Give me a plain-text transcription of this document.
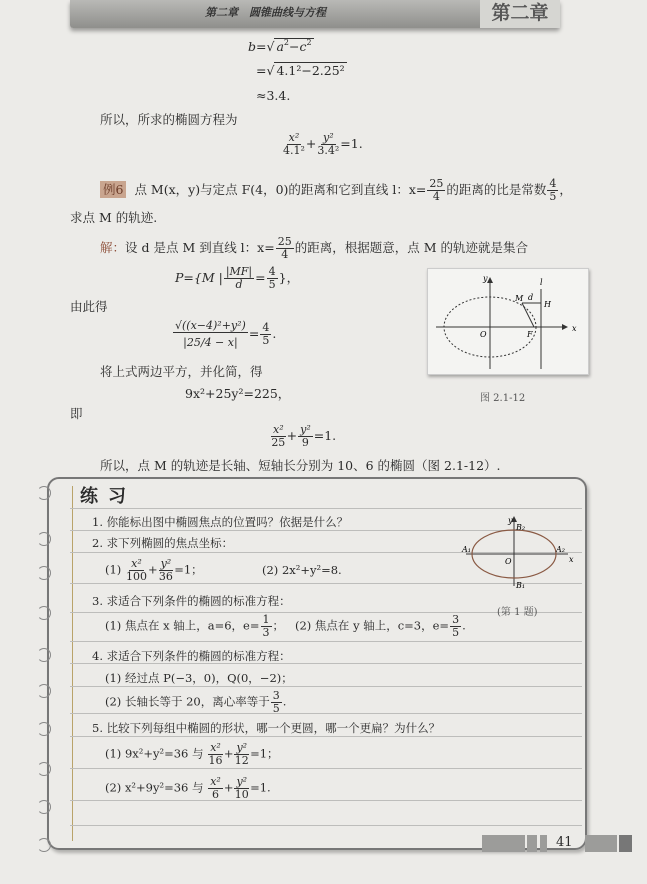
第二章　圆锥曲线与方程	第二章
b=√ $a^2-c^2$
=√ 4.1²−2.25²
≈3.4.
所以，所求的椭圆方程为
$\frac{\text{x²}}{\text{4.1²}} + \frac{\text{y²}}{\text{3.4²}} =1$.
例6 点 M(x，y)与定点 F(4，0)的距离和它到直线 l：$x= \frac{25}{4}$ 的距离的比是常数 $\frac{4}{5}$ ，
求点 M 的轨迹.
解：设 d 是点 M 到直线 l：$x= \frac{25}{4}$ 的距离，根据题意，点 M 的轨迹就是集合
P={M | $\frac{|MF|}{d} = \frac{4}{5}$ }，
由此得
$\frac{\text{√((x−4)²+y²)}}{|25/4 - x|} = \frac{4}{5}$ .
将上式两边平方，并化简，得
9x²+25y²=225，
即
$\frac{\text{x²}}{25} + \frac{\text{y²}}{9} =1$.
所以，点 M 的轨迹是长轴、短轴长分别为 10、6 的椭圆（图 2.1-12）.
l
y
x
O	F
M d
H
图 2.1-12
练习
1. 你能标出图中椭圆焦点的位置吗？依据是什么？
2. 求下列椭圆的焦点坐标：
$(1) \frac{\text{x²}}{100} + \frac{\text{y²}}{36} =1$；	(2) 2x²+y²=8.
3. 求适合下列条件的椭圆的标准方程：
(1) 焦点在 x 轴上，a=6，$e= \frac{1}{3}$ ； (2) 焦点在 y 轴上，c=3，$e= \frac{3}{5}$ .
4. 求适合下列条件的椭圆的标准方程：
(1) 经过点 P(−3，0)，Q(0，−2)；
(2) 长轴长等于 20，离心率等于 $\frac{3}{5}$ .
5. 比较下列每组中椭圆的形状，哪一个更圆，哪一个更扁？为什么？
(1) 9x²+y²=36 与 $\frac{\text{x²}}{16} + \frac{\text{y²}}{12} =1$；
(2) x²+9y²=36 与 $\frac{\text{x²}}{6} + \frac{\text{y²}}{10} =1$.
y
B₂
B₁
A₁	A₂
O	x
(第 1 题)
41
